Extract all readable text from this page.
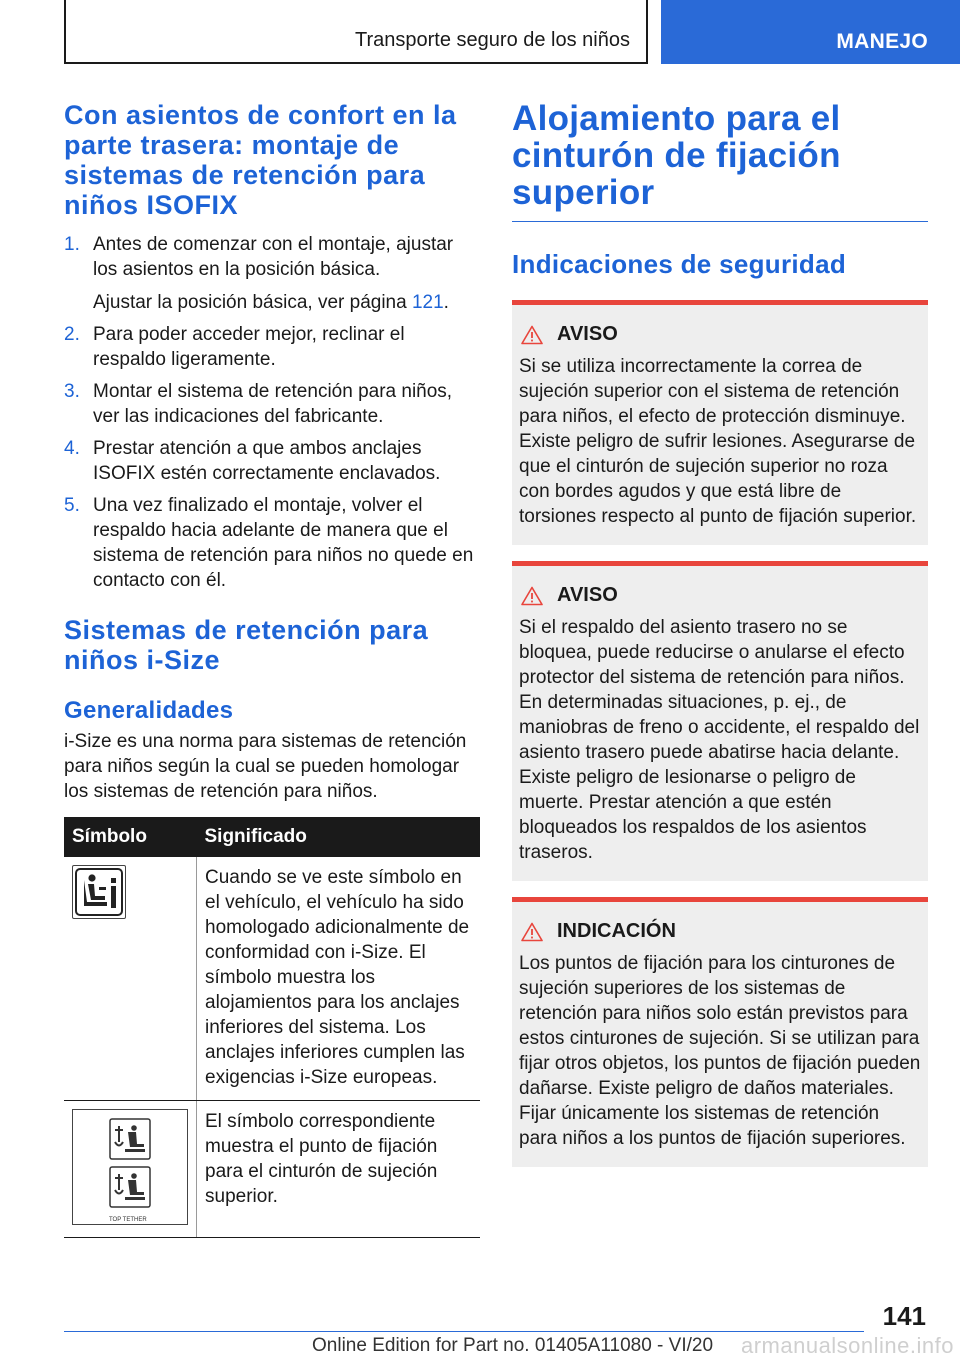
Transporte seguro de los niños	MANEJO
Con asientos de confort en la parte trasera: montaje de sistemas de retención para niños ISOFIX
1. Antes de comenzar con el montaje, ajustar los asientos en la posición básica.
Ajustar la posición básica, ver página 121.
2. Para poder acceder mejor, reclinar el respaldo ligeramente.
3. Montar el sistema de retención para niños, ver las indicaciones del fabricante.
4. Prestar atención a que ambos anclajes ISOFIX estén correctamente enclavados.
5. Una vez finalizado el montaje, volver el respaldo hacia adelante de manera que el sistema de retención para niños no quede en contacto con él.
Sistemas de retención para niños i-Size
Generalidades

i-Size es una norma para sistemas de retención para niños según la cual se pueden homologar los sistemas de retención para niños.

Símbolo	Significado

	Cuando se ve este símbolo en el vehículo, el vehículo ha sido homologado adicionalmente de conformidad con i-Size. El símbolo muestra los alojamientos para los anclajes inferiores del sistema. Los anclajes inferiores cumplen las exigencias i-Size europeas.

TOP TETHER	El símbolo correspondiente muestra el punto de fijación para el cinturón de sujeción superior.
Alojamiento para el cinturón de fijación superior
Indicaciones de seguridad
AVISO

Si se utiliza incorrectamente la correa de sujeción superior con el sistema de retención para niños, el efecto de protección disminuye. Existe peligro de sufrir lesiones. Asegurarse de que el cinturón de sujeción superior no roza con bordes agudos y que está libre de torsiones respecto al punto de fijación superior.

AVISO

Si el respaldo del asiento trasero no se bloquea, puede reducirse o anularse el efecto protector del sistema de retención para niños. En determinadas situaciones, p. ej., de maniobras de freno o accidente, el respaldo del asiento trasero puede abatirse hacia delante. Existe peligro de lesionarse o peligro de muerte. Prestar atención a que estén bloqueados los respaldos de los asientos traseros.

INDICACIÓN

Los puntos de fijación para los cinturones de sujeción superiores de los sistemas de retención para niños solo están previstos para estos cinturones de sujeción. Si se utilizan para fijar otros objetos, los puntos de fijación pueden dañarse. Existe peligro de daños materiales. Fijar únicamente los sistemas de retención para niños a los puntos de fijación superiores.

141
Online Edition for Part no. 01405A11080 - VI/20 armanualsonline.info
